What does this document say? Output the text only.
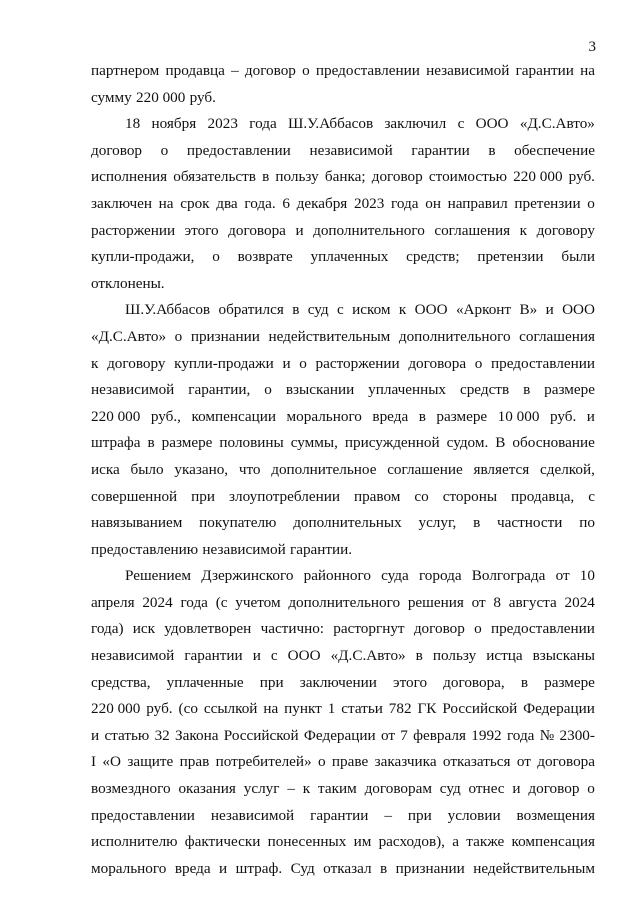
3
партнером продавца – договор о предоставлении независимой гарантии на
сумму 220 000 руб.
18 ноября 2023 года Ш.У.Аббасов заключил с ООО «Д.С.Авто»
договор о предоставлении независимой гарантии в обеспечение
исполнения обязательств в пользу банка; договор стоимостью 220 000 руб.
заключен на срок два года. 6 декабря 2023 года он направил претензии о
расторжении этого договора и дополнительного соглашения к договору
купли-продажи, о возврате уплаченных средств; претензии были
отклонены.
Ш.У.Аббасов обратился в суд с иском к ООО «Арконт В» и ООО
«Д.С.Авто» о признании недействительным дополнительного соглашения
к договору купли-продажи и о расторжении договора о предоставлении
независимой гарантии, о взыскании уплаченных средств в размере
220 000 руб., компенсации морального вреда в размере 10 000 руб. и
штрафа в размере половины суммы, присужденной судом. В обоснование
иска было указано, что дополнительное соглашение является сделкой,
совершенной при злоупотреблении правом со стороны продавца, с
навязыванием покупателю дополнительных услуг, в частности по
предоставлению независимой гарантии.
Решением Дзержинского районного суда города Волгограда от 10
апреля 2024 года (с учетом дополнительного решения от 8 августа 2024
года) иск удовлетворен частично: расторгнут договор о предоставлении
независимой гарантии и с ООО «Д.С.Авто» в пользу истца взысканы
средства, уплаченные при заключении этого договора, в размере
220 000 руб. (со ссылкой на пункт 1 статьи 782 ГК Российской Федерации
и статью 32 Закона Российской Федерации от 7 февраля 1992 года № 2300-
I «О защите прав потребителей» о праве заказчика отказаться от договора
возмездного оказания услуг – к таким договорам суд отнес и договор о
предоставлении независимой гарантии – при условии возмещения
исполнителю фактически понесенных им расходов), а также компенсация
морального вреда и штраф. Суд отказал в признании недействительным
